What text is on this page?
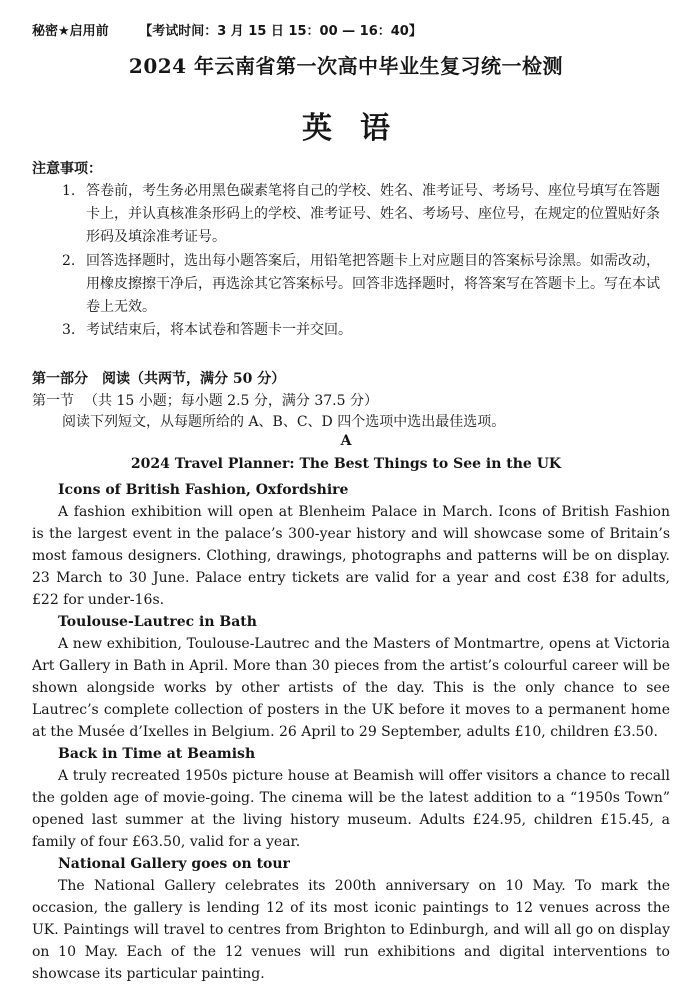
秘密★启用前 【考试时间：3 月 15 日 15：00 — 16：40】
2024 年云南省第一次高中毕业生复习统一检测
英语
注意事项：
1. 答卷前，考生务必用黑色碳素笔将自己的学校、姓名、准考证号、考场号、座位号填写在答题卡上，并认真核准条形码上的学校、准考证号、姓名、考场号、座位号，在规定的位置贴好条形码及填涂准考证号。
2. 回答选择题时，选出每小题答案后，用铅笔把答题卡上对应题目的答案标号涂黑。如需改动，用橡皮擦擦干净后，再选涂其它答案标号。回答非选择题时，将答案写在答题卡上。写在本试卷上无效。
3. 考试结束后，将本试卷和答题卡一并交回。
第一部分　阅读（共两节，满分 50 分）
第一节 （共 15 小题；每小题 2.5 分，满分 37.5 分）
阅读下列短文，从每题所给的 A、B、C、D 四个选项中选出最佳选项。
A
2024 Travel Planner: The Best Things to See in the UK
Icons of British Fashion, Oxfordshire
A fashion exhibition will open at Blenheim Palace in March. Icons of British Fashion is the largest event in the palace’s 300-year history and will showcase some of Britain’s most famous designers. Clothing, drawings, photographs and patterns will be on display. 23 March to 30 June. Palace entry tickets are valid for a year and cost £38 for adults, £22 for under-16s.
Toulouse-Lautrec in Bath
A new exhibition, Toulouse-Lautrec and the Masters of Montmartre, opens at Victoria Art Gallery in Bath in April. More than 30 pieces from the artist’s colourful career will be shown alongside works by other artists of the day. This is the only chance to see Lautrec’s complete collection of posters in the UK before it moves to a permanent home at the Musée d’Ixelles in Belgium. 26 April to 29 September, adults £10, children £3.50.
Back in Time at Beamish
A truly recreated 1950s picture house at Beamish will offer visitors a chance to recall the golden age of movie-going. The cinema will be the latest addition to a “1950s Town” opened last summer at the living history museum. Adults £24.95, children £15.45, a family of four £63.50, valid for a year.
National Gallery goes on tour
The National Gallery celebrates its 200th anniversary on 10 May. To mark the occasion, the gallery is lending 12 of its most iconic paintings to 12 venues across the UK. Paintings will travel to centres from Brighton to Edinburgh, and will all go on display on 10 May. Each of the 12 venues will run exhibitions and digital interventions to showcase its particular painting.
